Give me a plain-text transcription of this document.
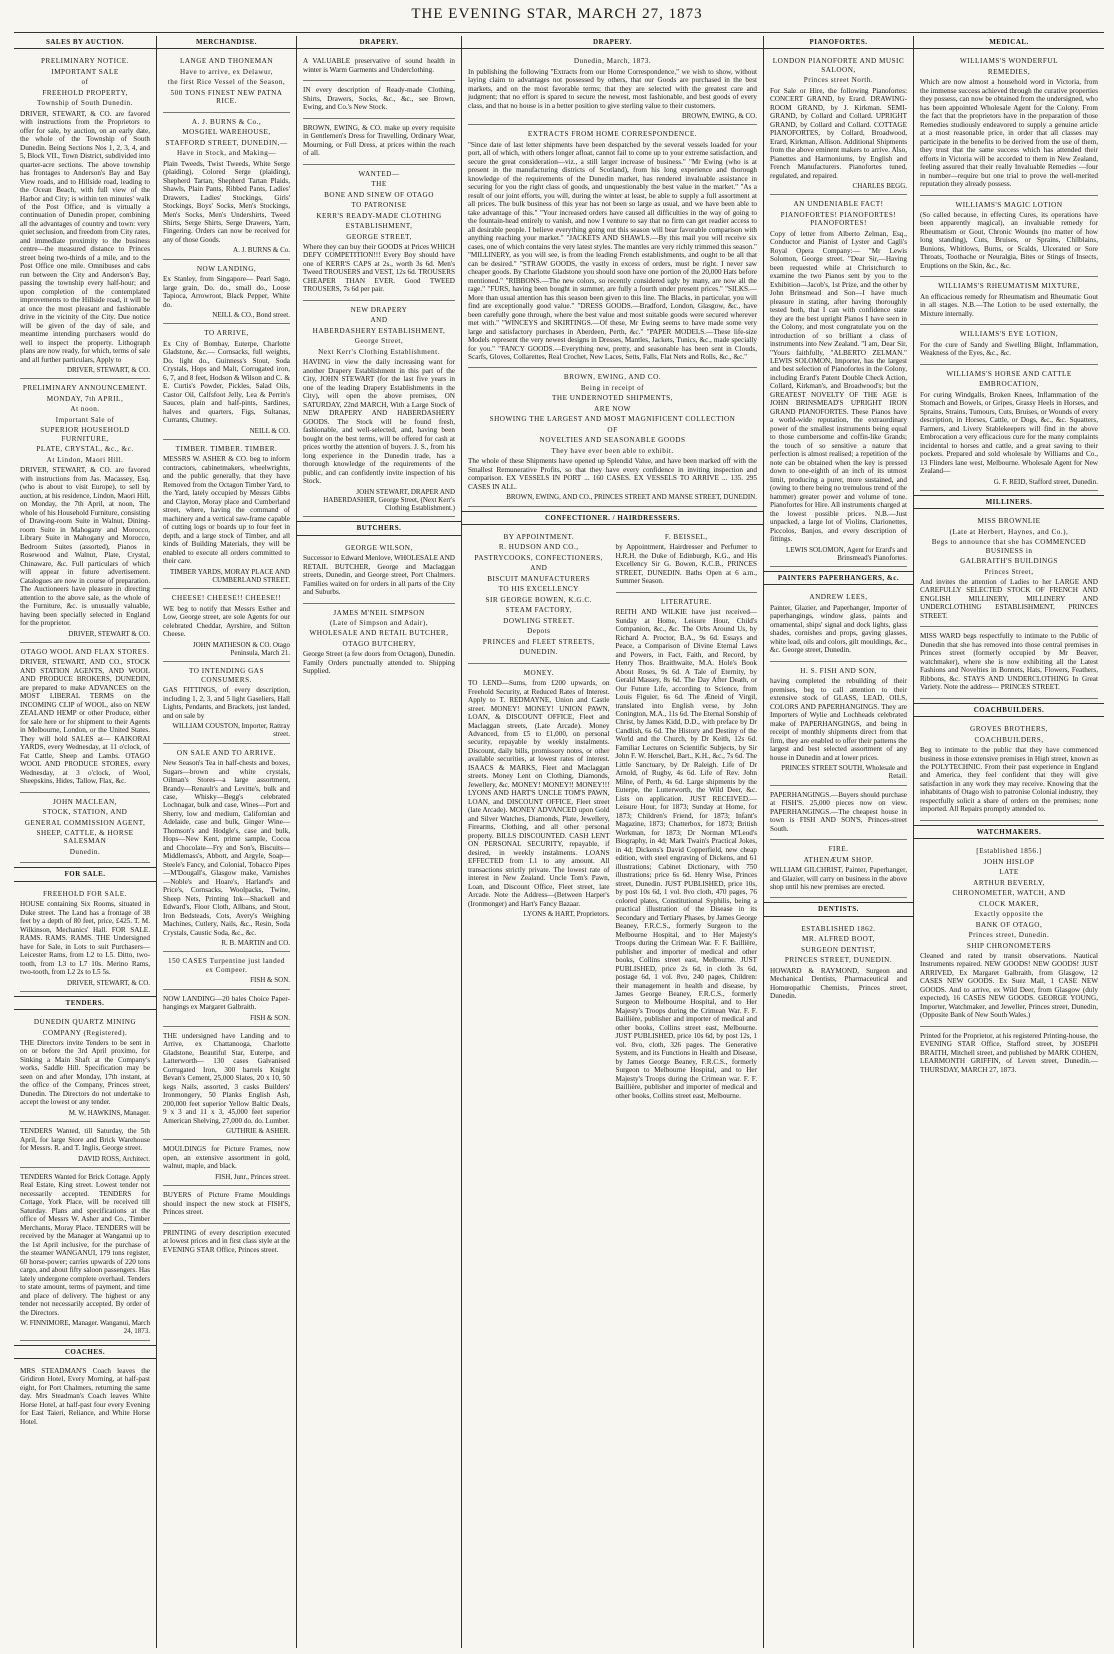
THE EVENING STAR, MARCH 27, 1873
SALES BY AUCTION.
PRELIMINARY NOTICE.
IMPORTANT SALE
of
FREEHOLD PROPERTY,
Township of South Dunedin.
DRIVER, STEWART, & CO. are favored with instructions from the Proprietors to offer for sale, by auction, on an early date, the whole of the Township of South Dunedin. Being Sections Nos 1, 2, 3, 4, and 5, Block VII., Town District, subdivided into quarter-acre sections. The above township has frontages to Anderson's Bay and Bay View roads, and to Hillside road, leading to the Ocean Beach, with full view of the Harbor and City; is within ten minutes' walk of the Post Office, and is virtually a continuation of Dunedin proper, combining all the advantages of country and town: very quiet seclusion, and freedom from City rates, and immediate proximity to the business centre—the measured distance to Princes street being two-thirds of a mile, and to the Post Office one mile. Omnibuses and cabs run between the City and Anderson's Bay, passing the township every half-hour; and upon completion of the contemplated improvements to the Hillside road, it will be at once the most pleasant and fashionable drive in the vicinity of the City. Due notice will be given of the day of sale, and meantime intending purchasers would do well to inspect the property. Lithograph plans are now ready, for which, terms of sale and all further particulars, Apply to
DRIVER, STEWART, & CO.
PRELIMINARY ANNOUNCEMENT.
MONDAY, 7th APRIL,
At noon.
Important Sale of
SUPERIOR HOUSEHOLD FURNITURE,
PLATE, CRYSTAL, &c., &c.
At Lindon, Maori Hill.
DRIVER, STEWART, & CO. are favored with instructions from Jas. Macassey, Esq. (who is about to visit Europe), to sell by auction, at his residence, Lindon, Maori Hill, on Monday, the 7th April, at noon, The whole of his Household Furniture, consisting of Drawing-room Suite in Walnut, Dining-room Suite in Mahogany and Morocco, Library Suite in Mahogany and Morocco, Bedroom Suites (assorted), Pianos in Rosewood and Walnut, Plate, Crystal, Chinaware, &c. Full particulars of which will appear in future advertisement. Catalogues are now in course of preparation. The Auctioneers have pleasure in directing attention to the above sale, as the whole of the Furniture, &c. is unusually valuable, having been specially selected in England for the proprietor.
DRIVER, STEWART & CO.
OTAGO WOOL AND FLAX STORES.
DRIVER, STEWART, AND CO., STOCK AND STATION AGENTS, AND WOOL AND PRODUCE BROKERS, DUNEDIN, are prepared to make ADVANCES on the MOST LIBERAL TERMS on the INCOMING CLIP of WOOL, also on NEW ZEALAND HEMP or other Produce, either for sale here or for shipment to their Agents in Melbourne, London, or the United States. They will hold SALES at— KAIKORAI YARDS, every Wednesday, at 11 o'clock, of Fat Cattle, Sheep and Lambs. OTAGO WOOL AND PRODUCE STORES, every Wednesday, at 3 o'clock, of Wool, Sheepskins, Hides, Tallow, Flax, &c.
JOHN MACLEAN,
STOCK, STATION, AND
GENERAL COMMISSION AGENT,
SHEEP, CATTLE, & HORSE SALESMAN
Dunedin.
FOR SALE.
FREEHOLD FOR SALE.
HOUSE containing Six Rooms, situated in Duke street. The Land has a frontage of 38 feet by a depth of 80 feet, price, £425. T. M. Wilkinson, Mechanics' Hall. FOR SALE. RAMS. RAMS. RAMS. THE Undersigned have for Sale, in Lots to suit Purchasers— Leicester Rams, from L2 to L5. Ditto, two-tooth, from L3 to L7 10s. Merino Rams, two-tooth, from L2 2s to L5 5s.
DRIVER, STEWART, & CO.
TENDERS.
DUNEDIN QUARTZ MINING
COMPANY (Registered).
THE Directors invite Tenders to be sent in on or before the 3rd April proximo, for Sinking a Main Shaft at the Company's works, Saddle Hill. Specification may be seen on and after Monday, 17th instant, at the office of the Company, Princes street, Dunedin. The Directors do not undertake to accept the lowest or any tender.
M. W. HAWKINS, Manager.
TENDERS Wanted, till Saturday, the 5th April, for large Store and Brick Warehouse for Messrs. R. and T. Inglis, George street.
DAVID ROSS, Architect.
TENDERS Wanted for Brick Cottage. Apply Real Estate, King street. Lowest tender not necessarily accepted. TENDERS for Cottage, York Place, will be received till Saturday. Plans and specifications at the office of Messrs W. Asher and Co., Timber Merchants, Moray Place. TENDERS will be received by the Manager at Wanganui up to the 1st April inclusive, for the purchase of the steamer WANGANUI, 179 tons register, 60 horse-power; carries upwards of 220 tons cargo, and about fifty saloon passengers. Has lately undergone complete overhaul. Tenders to state amount, terms of payment, and time and place of delivery. The highest or any tender not necessarily accepted. By order of the Directors.
W. FINNIMORE, Manager. Wanganui, March 24, 1873.
COACHES.
MRS STEADMAN'S Coach leaves the Gridiron Hotel, Every Morning, at half-past eight, for Port Chalmers, returning the same day. Mrs Steadman's Coach leaves White Horse Hotel, at half-past four every Evening for East Taieri, Reliance, and White Horse Hotel.
MERCHANDISE.
LANGE AND THONEMAN
Have to arrive, ex Delawur,
the first Rice Vessel of the Season,
500 TONS FINEST NEW PATNA RICE.
A. J. BURNS & Co.,
MOSGIEL WAREHOUSE,
STAFFORD STREET, DUNEDIN,—
Have in Stock, and Making—
Plain Tweeds, Twist Tweeds, White Serge (plaiding), Colored Serge (plaiding), Shepherd Tartan, Shepherd Tartan Plaids, Shawls, Plain Pants, Ribbed Pants, Ladies' Drawers, Ladies' Stockings, Girls' Stockings, Boys' Socks, Men's Stockings, Men's Socks, Men's Undershirts, Tweed Shirts, Serge Shirts, Serge Drawers, Yarn, Fingering. Orders can now be received for any of those Goods.
A. J. BURNS & Co.
NOW LANDING,
Ex Stanley, from Singapore— Pearl Sago, large grain, Do. do., small do., Loose Tapioca, Arrowroot, Black Pepper, White do.
NEILL & CO., Bond street.
TO ARRIVE,
Ex City of Bombay, Euterpe, Charlotte Gladstone, &c.— Cornsacks, full weights, Do. light do., Guinness's Stout, Soda Crystals, Hops and Malt, Corrugated iron, 6, 7, and 8 feet, Hodson & Wilson and C. & E. Curtis's Powder, Pickles, Salad Oils, Castor Oil, Calfsfoot Jelly, Lea & Perrin's Sauces, plain and half-pints, Sardines, halves and quarters, Figs, Sultanas, Currants, Chutney.
NEILL & CO.
TIMBER. TIMBER. TIMBER.
MESSRS W. ASHER & CO. beg to inform contractors, cabinetmakers, wheelwrights, and the public generally, that they have Removed from the Octagon Timber Yard, to the Yard, lately occupied by Messrs Gibbs and Clayton, Moray place and Cumberland street, where, having the command of machinery and a vertical saw-frame capable of cutting logs or boards up to four feet in depth, and a large stock of Timber, and all kinds of Building Materials, they will be enabled to execute all orders committed to their care.
TIMBER YARDS, MORAY PLACE AND CUMBERLAND STREET.
CHEESE! CHEESE!! CHEESE!!
WE beg to notify that Messrs Esther and Low, George street, are sole Agents for our celebrated Cheddar, Ayrshire, and Stilton Cheese.
JOHN MATHESON & CO. Otago Peninsula, March 21.
TO INTENDING GAS CONSUMERS.
GAS FITTINGS, of every description, including 1, 2, 3, and 5 light Gaseliers, Hall Lights, Pendants, and Brackets, just landed, and on sale by
WILLIAM COUSTON, Importer, Rattray street.
ON SALE AND TO ARRIVE.
New Season's Tea in half-chests and boxes, Sugars—brown and white crystals, Oilman's Stores—a large assortment, Brandy—Renault's and Levitte's, bulk and case, Whisky—Begg's celebrated Lochnagar, bulk and case, Wines—Port and Sherry, low and medium, Californian and Adelaide, case and bulk, Ginger Wine—Thomson's and Hodgle's, case and bulk, Hops—New Kent, prime sample, Cocoa and Chocolate—Fry and Son's, Biscuits—Middlemass's, Abbott, and Argyle, Soap—Steele's Fancy, and Colonial, Tobacco Pipes—M'Dougall's, Glasgow make, Varnishes—Noble's and Hoare's, Harland's and Price's, Cornsacks, Woolpacks, Twine, Sheep Nets, Printing Ink—Shackell and Edward's, Floor Cloth, Allbans, and Stout, Iron Bedsteads, Cots, Avery's Weighing Machines, Cutlery, Nails, &c., Resin, Soda Crystals, Caustic Soda, &c., &c.
R. B. MARTIN and CO.
150 CASES Turpentine just landed ex Compeer.
FISH & SON.
NOW LANDING—20 bales Choice Paper-hangings ex Margaret Galbraith.
FISH & SON.
THE undersigned have Landing and to Arrive, ex Chattanooga, Charlotte Gladstone, Beautiful Star, Euterpe, and Latterworth— 130 cases Galvanised Corrugated Iron, 300 barrels Knight Bevan's Cement, 25,000 Slates, 20 x 10, 50 kegs Nails, assorted, 3 casks Builders' Ironmongery, 50 Planks English Ash, 200,000 feet superior Yellow Baltic Deals, 9 x 3 and 11 x 3, 45,000 feet superior American Shelving, 27,000 do. do. Lumber.
GUTHRIE & ASHER.
MOULDINGS for Picture Frames, now open, an extensive assortment in gold, walnut, maple, and black.
FISH, Junr., Princes street.
BUYERS of Picture Frame Mouldings should inspect the new stock at FISH'S, Princes street.
PRINTING of every description executed at lowest prices and in first class style at the EVENING STAR Office, Princes street.
DRAPERY.
A VALUABLE preservative of sound health in winter is Warm Garments and Underclothing.
IN every description of Ready-made Clothing, Shirts, Drawers, Socks, &c., &c., see Brown, Ewing, and Co.'s New Stock.
BROWN, EWING, & CO. make up every requisite in Gentlemen's Dress for Travelling, Ordinary Wear, Mourning, or Full Dress, at prices within the reach of all.
WANTED—
THE
BONE AND SINEW OF OTAGO
TO PATRONISE
KERR'S READY-MADE CLOTHING
ESTABLISHMENT,
GEORGE STREET,
Where they can buy their GOODS at Prices WHICH DEFY COMPETITION!!! Every Boy should have one of KERR'S CAPS at 2s., worth 3s 6d. Men's Tweed TROUSERS and VEST, 12s 6d. TROUSERS CHEAPER THAN EVER. Good TWEED TROUSERS, 7s 6d per pair.
NEW DRAPERY
AND
HABERDASHERY ESTABLISHMENT,
George Street,
Next Kerr's Clothing Establishment.
HAVING in view the daily increasing want for another Drapery Establishment in this part of the City, JOHN STEWART (for the last five years in one of the leading Drapery Establishments in the City), will open the above premises, ON SATURDAY, 22nd MARCH, With a Large Stock of NEW DRAPERY AND HABERDASHERY GOODS. The Stock will be found fresh, fashionable, and well-selected, and, having been bought on the best terms, will be offered for cash at prices worthy the attention of buyers. J. S., from his long experience in the Dunedin trade, has a thorough knowledge of the requirements of the public, and can confidently invite inspection of his Stock.
JOHN STEWART, DRAPER AND HABERDASHER, George Street, (Next Kerr's Clothing Establishment.)
BUTCHERS.
GEORGE WILSON,
Successor to Edward Menlove, WHOLESALE AND RETAIL BUTCHER, George and Maclaggan streets, Dunedin, and George street, Port Chalmers. Families waited on for orders in all parts of the City and Suburbs.
JAMES M'NEIL SIMPSON
(Late of Simpson and Adair),
WHOLESALE AND RETAIL BUTCHER,
OTAGO BUTCHERY,
George Street (a few doors from Octagon), Dunedin. Family Orders punctually attended to. Shipping Supplied.
DRAPERY.
Dunedin, March, 1873.
In publishing the following "Extracts from our Home Correspondence," we wish to show, without laying claim to advantages not possessed by others, that our Goods are purchased in the best markets, and on the most favorable terms; that they are selected with the greatest care and judgment; that no effort is spared to secure the newest, most fashionable, and best goods of every class, and that no house is in a better position to give sterling value to their customers.
BROWN, EWING, & CO.
EXTRACTS FROM HOME CORRESPONDENCE.
"Since date of last letter shipments have been despatched by the several vessels loaded for your port, all of which, with others longer afloat, cannot fail to come up to your extreme satisfaction, and secure the great consideration—viz., a still larger increase of business." "Mr Ewing (who is at present in the manufacturing districts of Scotland), from his long experience and thorough knowledge of the requirements of the Dunedin market, has rendered invaluable assistance in securing for you the right class of goods, and unquestionably the best value in the market." "As a result of our joint efforts, you will, during the winter at least, be able to supply a full assortment at all prices. The bulk business of this year has not been so large as usual, and we have been able to take advantage of this." "Your increased orders have caused all difficulties in the way of going to the fountain-head entirely to vanish, and now I venture to say that no firm can get readier access to all desirable people. I believe everything going out this season will bear favorable comparison with anything reaching your market." "JACKETS AND SHAWLS.—By this mail you will receive six cases, one of which contains the very latest styles. The mantles are very richly trimmed this season." "MILLINERY, as you will see, is from the leading French establishments, and ought to be all that can be desired." "STRAW GOODS, the vastly in excess of orders, must be right. I never saw cheaper goods. By Charlotte Gladstone you should soon have one portion of the 20,000 Hats before mentioned." "RIBBONS.—The new colors, so recently considered ugly by many, are now all the rage." "FURS, having been bought in summer, are fully a fourth under present prices." "SILKS.—More than usual attention has this season been given to this line. The Blacks, in particular, you will find are exceptionally good value." "DRESS GOODS.—Bradford, London, Glasgow, &c., have been carefully gone through, where the best value and most suitable goods were secured wherever met with." "WINCEYS and SKIRTINGS.—Of these, Mr Ewing seems to have made some very large and satisfactory purchases in Aberdeen, Perth, &c." "PAPER MODELS.—These life-size Models represent the very newest designs in Dresses, Mantles, Jackets, Tunics, &c., made specially for you." "FANCY GOODS.—Everything new, pretty, and seasonable has been sent in Clouds, Scarfs, Gloves, Collarettes, Real Crochet, New Laces, Setts, Falls, Flat Nets and Rolls, &c., &c."
BROWN, EWING, AND CO.
Being in receipt of
THE UNDERNOTED SHIPMENTS,
ARE NOW
SHOWING THE LARGEST AND MOST MAGNIFICENT COLLECTION
OF
NOVELTIES AND SEASONABLE GOODS
They have ever been able to exhibit.
The whole of these Shipments have opened up Splendid Value, and have been marked off with the Smallest Remunerative Profits, so that they have every confidence in inviting inspection and comparison. EX VESSELS IN PORT ... 160 CASES. EX VESSELS TO ARRIVE ... 135. 295 CASES IN ALL.
BROWN, EWING, AND CO., PRINCES STREET AND MANSE STREET, DUNEDIN.
CONFECTIONER. / HAIRDRESSERS.
BY APPOINTMENT.
R. HUDSON AND CO.,
PASTRYCOOKS, CONFECTIONERS,
AND
BISCUIT MANUFACTURERS
TO HIS EXCELLENCY
SIR GEORGE BOWEN, K.G.C.
STEAM FACTORY,
DOWLING STREET.
Depots
PRINCES and FLEET STREETS,
DUNEDIN.
MONEY.
TO LEND—Sums, from £200 upwards, on Freehold Security, at Reduced Rates of Interest. Apply to T. REDMAYNE, Union and Castle street. MONEY! MONEY! UNION PAWN, LOAN, & DISCOUNT OFFICE, Fleet and Maclaggan streets, (Late Arcade). Money Advanced, from £5 to £1,000, on personal security, repayable by weekly instalments. Discount, daily bills, promissory notes, or other available securities, at lowest rates of interest. ISAACS & MARKS, Fleet and Maclaggan streets. Money Lent on Clothing, Diamonds, Jewellery, &c. MONEY! MONEY!! MONEY!!! LYONS AND HART'S UNCLE TOM'S PAWN, LOAN, and DISCOUNT OFFICE, Fleet street (late Arcade). MONEY ADVANCED upon Gold and Silver Watches, Diamonds, Plate, Jewellery, Firearms, Clothing, and all other personal property. BILLS DISCOUNTED. CASH LENT ON PERSONAL SECURITY, repayable, if desired, in weekly instalments. LOANS EFFECTED from L1 to any amount. All transactions strictly private. The lowest rate of interest in New Zealand. Uncle Tom's Pawn, Loan, and Discount Office, Fleet street, late Arcade. Note the Address—(Between Harper's (Ironmonger) and Hart's Fancy Bazaar.
LYONS & HART, Proprietors.
F. BEISSEL,
by Appointment, Hairdresser and Perfumer to H.R.H. the Duke of Edinburgh, K.G., and His Excellency Sir G. Bowen, K.C.B., PRINCES STREET, DUNEDIN. Baths Open at 6 a.m., Summer Season.
LITERATURE.
REITH AND WILKIE have just received— Sunday at Home, Leisure Hour, Child's Companion, &c., &c. The Orbs Around Us, by Richard A. Proctor, B.A., 9s 6d. Essays and Peace, a Comparison of Divine Eternal Laws and Powers, in Fact, Faith, and Record, by Henry Thos. Braithwaite, M.A. Hole's Book About Roses, 9s 6d. A Tale of Eternity, by Gerald Massey, 8s 6d. The Day After Death, or Our Future Life, according to Science, from Louis Figuier, 6s 6d. The Æneid of Virgil, translated into English verse, by John Conington, M.A., 11s 6d. The Eternal Sonship of Christ, by James Kidd, D.D., with preface by Dr Candlish, 6s 6d. The History and Destiny of the World and the Church, by Dr Keith, 12s 6d. Familiar Lectures on Scientific Subjects, by Sir John F. W. Herschel, Bart., K.H., &c., 7s 6d. The Little Sanctuary, by Dr Raleigh. Life of Dr Arnold, of Rugby, 4s 6d. Life of Rev. John Milne, of Perth, 4s 6d. Large shipments by the Euterpe, the Lutterworth, the Wild Deer, &c. Lists on application. JUST RECEIVED.—Leisure Hour, for 1873; Sunday at Home, for 1873; Children's Friend, for 1873; Infant's Magazine, 1873; Chatterbox, for 1873; British Workman, for 1873; Dr Norman M'Leod's Biography, in 4d; Mark Twain's Practical Jokes, in 4d; Dickens's David Copperfield, new cheap edition, with steel engraving of Dickens, and 61 illustrations; Cabinet Dictionary, with 750 illustrations; price 6s 6d. Henry Wise, Princes street, Dunedin. JUST PUBLISHED, price 10s, by post 10s 6d, 1 vol. 8vo cloth, 470 pages, 76 colored plates, Constitutional Syphilis, being a practical illustration of the Disease in its Secondary and Tertiary Phases, by James George Beaney, F.R.C.S., formerly Surgeon to the Melbourne Hospital, and to Her Majesty's Troops during the Crimean War. F. F. Baillière, publisher and importer of medical and other books, Collins street east, Melbourne. JUST PUBLISHED, price 2s 6d, in cloth 3s 6d, postage 6d, 1 vol. 8vo, 240 pages, Children: their management in health and disease, by James George Beaney, F.R.C.S., formerly Surgeon to Melbourne Hospital, and to Her Majesty's Troops during the Crimean War. F. F. Baillière, publisher and importer of medical and other books, Collins street east, Melbourne. JUST PUBLISHED, price 10s 6d, by post 12s, 1 vol. 8vo, cloth, 326 pages. The Generative System, and its Functions in Health and Disease, by James George Beaney, F.R.C.S., formerly Surgeon to Melbourne Hospital, and to Her Majesty's Troops during the Crimean war. F. F. Baillière, publisher and importer of medical and other books, Collins street east, Melbourne.
PIANOFORTES.
LONDON PIANOFORTE AND MUSIC SALOON,
Princes street North.
For Sale or Hire, the following Pianofortes: CONCERT GRAND, by Erard. DRAWING-ROOM GRAND, by J. Kirkman. SEMI-GRAND, by Collard and Collard. UPRIGHT GRAND, by Collard and Collard. COTTAGE PIANOFORTES, by Collard, Broadwood, Erard, Kirkman, Allison. Additional Shipments from the above eminent makers to arrive. Also, Pianettes and Harmoniums, by English and French Manufacturers. Pianofortes tuned, regulated, and repaired.
CHARLES BEGG.
AN UNDENIABLE FACT!
PIANOFORTES! PIANOFORTES! PIANOFORTES!
Copy of letter from Alberto Zelman, Esq., Conductor and Pianist of Lyster and Cagli's Royal Opera Company:— "Mr Lewis Solomon, George street. "Dear Sir,—Having been requested while at Christchurch to examine the two Pianos sent by you to the Exhibition—Jacob's, 1st Prize, and the other by John Brinsmead and Son—I have much pleasure in stating, after having thoroughly tested both, that I can with confidence state they are the best upright Pianos I have seen in the Colony, and most congratulate you on the introduction of so brilliant a class of instruments into New Zealand. "I am, Dear Sir, "Yours faithfully, "ALBERTO ZELMAN." LEWIS SOLOMON, Importer, has the largest and best selection of Pianofortes in the Colony, including Erard's Patent Double Check Action, Collard, Kirkman's, and Broadwood's; but the GREATEST NOVELTY OF THE AGE is JOHN BRINSMEAD'S UPRIGHT IRON GRAND PIANOFORTES. These Pianos have a world-wide reputation, the extraordinary power of the smallest instruments being equal to those cumbersome and coffin-like Grands; the touch of so sensitive a nature that perfection is almost realised; a repetition of the note can be obtained when the key is pressed down to one-eighth of an inch of its utmost limit, producing a purer, more sustained, and (owing to there being no tremulous trend of the hammer) greater power and volume of tone. Pianofortes for Hire. All instruments charged at the lowest possible prices. N.B.—Just unpacked, a large lot of Violins, Clarionettes, Piccolos, Banjos, and every description of fittings.
LEWIS SOLOMON, Agent for Erard's and Brinsmead's Pianofortes.
PAINTERS PAPERHANGERS, &c.
ANDREW LEES,
Painter, Glazier, and Paperhanger, Importer of paperhangings, window glass, paints and ornamental, ships' signal and dock lights, glass shades, cornishes and props, gaving glasses, white lead, oils and colors, gilt mouldings, &c., &c. George street, Dunedin.
H. S. FISH AND SON,
having completed the rebuilding of their premises, beg to call attention to their extensive stock of GLASS, LEAD, OILS, COLORS AND PAPERHANGINGS. They are Importers of Wylie and Lochheads celebrated make of PAPERHANGINGS, and being in receipt of monthly shipments direct from that firm, they are enabled to offer their patterns the largest and best selected assortment of any house in Dunedin and at lower prices.
PRINCES STREET SOUTH, Wholesale and Retail.
PAPERHANGINGS.—Buyers should purchase at FISH'S. 25,000 pieces now on view. PAPERHANGINGS.—The cheapest house in town is FISH AND SON'S, Princes-street South.
FIRE.
ATHENÆUM SHOP.
WILLIAM GILCHRIST, Painter, Paperhanger, and Glazier, will carry on business in the above shop until his new premises are erected.
DENTISTS.
ESTABLISHED 1862.
MR. ALFRED BOOT,
SURGEON DENTIST,
PRINCES STREET, DUNEDIN.
HOWARD & RAYMOND, Surgeon and Mechanical Dentists, Pharmaceutical and Homœopathic Chemists, Princes street, Dunedin.
MEDICAL.
WILLIAMS'S WONDERFUL
REMEDIES,
Which are now almost a household word in Victoria, from the immense success achieved through the curative properties they possess, can now be obtained from the undersigned, who has been appointed Wholesale Agent for the Colony. From the fact that the proprietors have in the preparation of those Remedies studiously endeavored to supply a genuine article at a most reasonable price, in order that all classes may participate in the benefits to be derived from the use of them, they trust that the same success which has attended their efforts in Victoria will be accorded to them in New Zealand, feeling assured that their really Invaluable Remedies —four in number—require but one trial to prove the well-merited reputation they already possess.
WILLIAMS'S MAGIC LOTION
(So called because, in effecting Cures, its operations have been apparently magical), an invaluable remedy for Rheumatism or Gout, Chronic Wounds (no matter of how long standing), Cuts, Bruises, or Sprains, Chilblains, Bunions, Whitlows, Burns, or Scalds, Ulcerated or Sore Throats, Toothache or Neuralgia, Bites or Stings of Insects, Eruptions on the Skin, &c., &c.
WILLIAMS'S RHEUMATISM MIXTURE,
An efficacious remedy for Rheumatism and Rheumatic Gout in all stages. N.B.—The Lotion to be used externally, the Mixture internally.
WILLIAMS'S EYE LOTION,
For the cure of Sandy and Swelling Blight, Inflammation, Weakness of the Eyes, &c., &c.
WILLIAMS'S HORSE AND CATTLE
EMBROCATION,
For curing Windgalls, Broken Knees, Inflammation of the Stomach and Bowels, or Gripes, Grassy Heels in Horses, and Sprains, Strains, Tumours, Cuts, Bruises, or Wounds of every description, in Horses, Cattle, or Dogs, &c., &c. Squatters, Farmers, and Livery Stablekeepers will find in the above Embrocation a very efficacious cure for the many complaints incidental to horses and cattle, and a great saving to their pockets. Prepared and sold wholesale by Williams and Co., 13 Flinders lane west, Melbourne. Wholesale Agent for New Zealand—
G. F. REID, Stafford street, Dunedin.
MILLINERS.
MISS BROWNLIE
(Late at Herbert, Haynes, and Co.),
Begs to announce that she has COMMENCED BUSINESS in
GALBRAITH'S BUILDINGS
Princes Street,
And invites the attention of Ladies to her LARGE AND CAREFULLY SELECTED STOCK OF FRENCH AND ENGLISH MILLINERY, MILLINERY AND UNDERCLOTHING ESTABLISHMENT, PRINCES STREET.
MISS WARD begs respectfully to intimate to the Public of Dunedin that she has removed into those central premises in Princes street (formerly occupied by Mr Beaver, watchmaker), where she is now exhibiting all the Latest Fashions and Novelties in Bonnets, Hats, Flowers, Feathers, Ribbons, &c. STAYS AND UNDERCLOTHING In Great Variety. Note the address— PRINCES STREET.
COACHBUILDERS.
GROVES BROTHERS,
COACHBUILDERS,
Beg to intimate to the public that they have commenced business in those extensive premises in High street, known as the POLYTECHNIC. From their past experience in England and America, they feel confident that they will give satisfaction in any work they may receive. Knowing that the inhabitants of Otago wish to patronise Colonial industry, they respectfully solicit a share of orders on the premises; none imported. All Repairs promptly attended to.
WATCHMAKERS.
[Established 1856.]
JOHN HISLOP
LATE
ARTHUR BEVERLY,
CHRONOMETER, WATCH, AND
CLOCK MAKER,
Exactly opposite the
BANK OF OTAGO,
Princes street, Dunedin.
SHIP CHRONOMETERS
Cleaned and rated by transit observations. Nautical Instruments repaired. NEW GOODS! NEW GOODS! JUST ARRIVED, Ex Margaret Galbraith, from Glasgow, 12 CASES NEW GOODS. Ex Suez Mail, 1 CASE NEW GOODS. And to arrive, ex Wild Deer, from Glasgow (duly expected), 16 CASES NEW GOODS. GEORGE YOUNG, Importer, Watchmaker, and Jeweller, Princes street, Dunedin, (Opposite Bank of New South Wales.)
Printed for the Proprietor, at his registered Printing-house, the EVENING STAR Office, Stafford street, by JOSEPH BRAITH, Mitchell street, and published by MARK COHEN, LEARMONTH GRIFFIN, of Leven street, Dunedin.—THURSDAY, MARCH 27, 1873.
